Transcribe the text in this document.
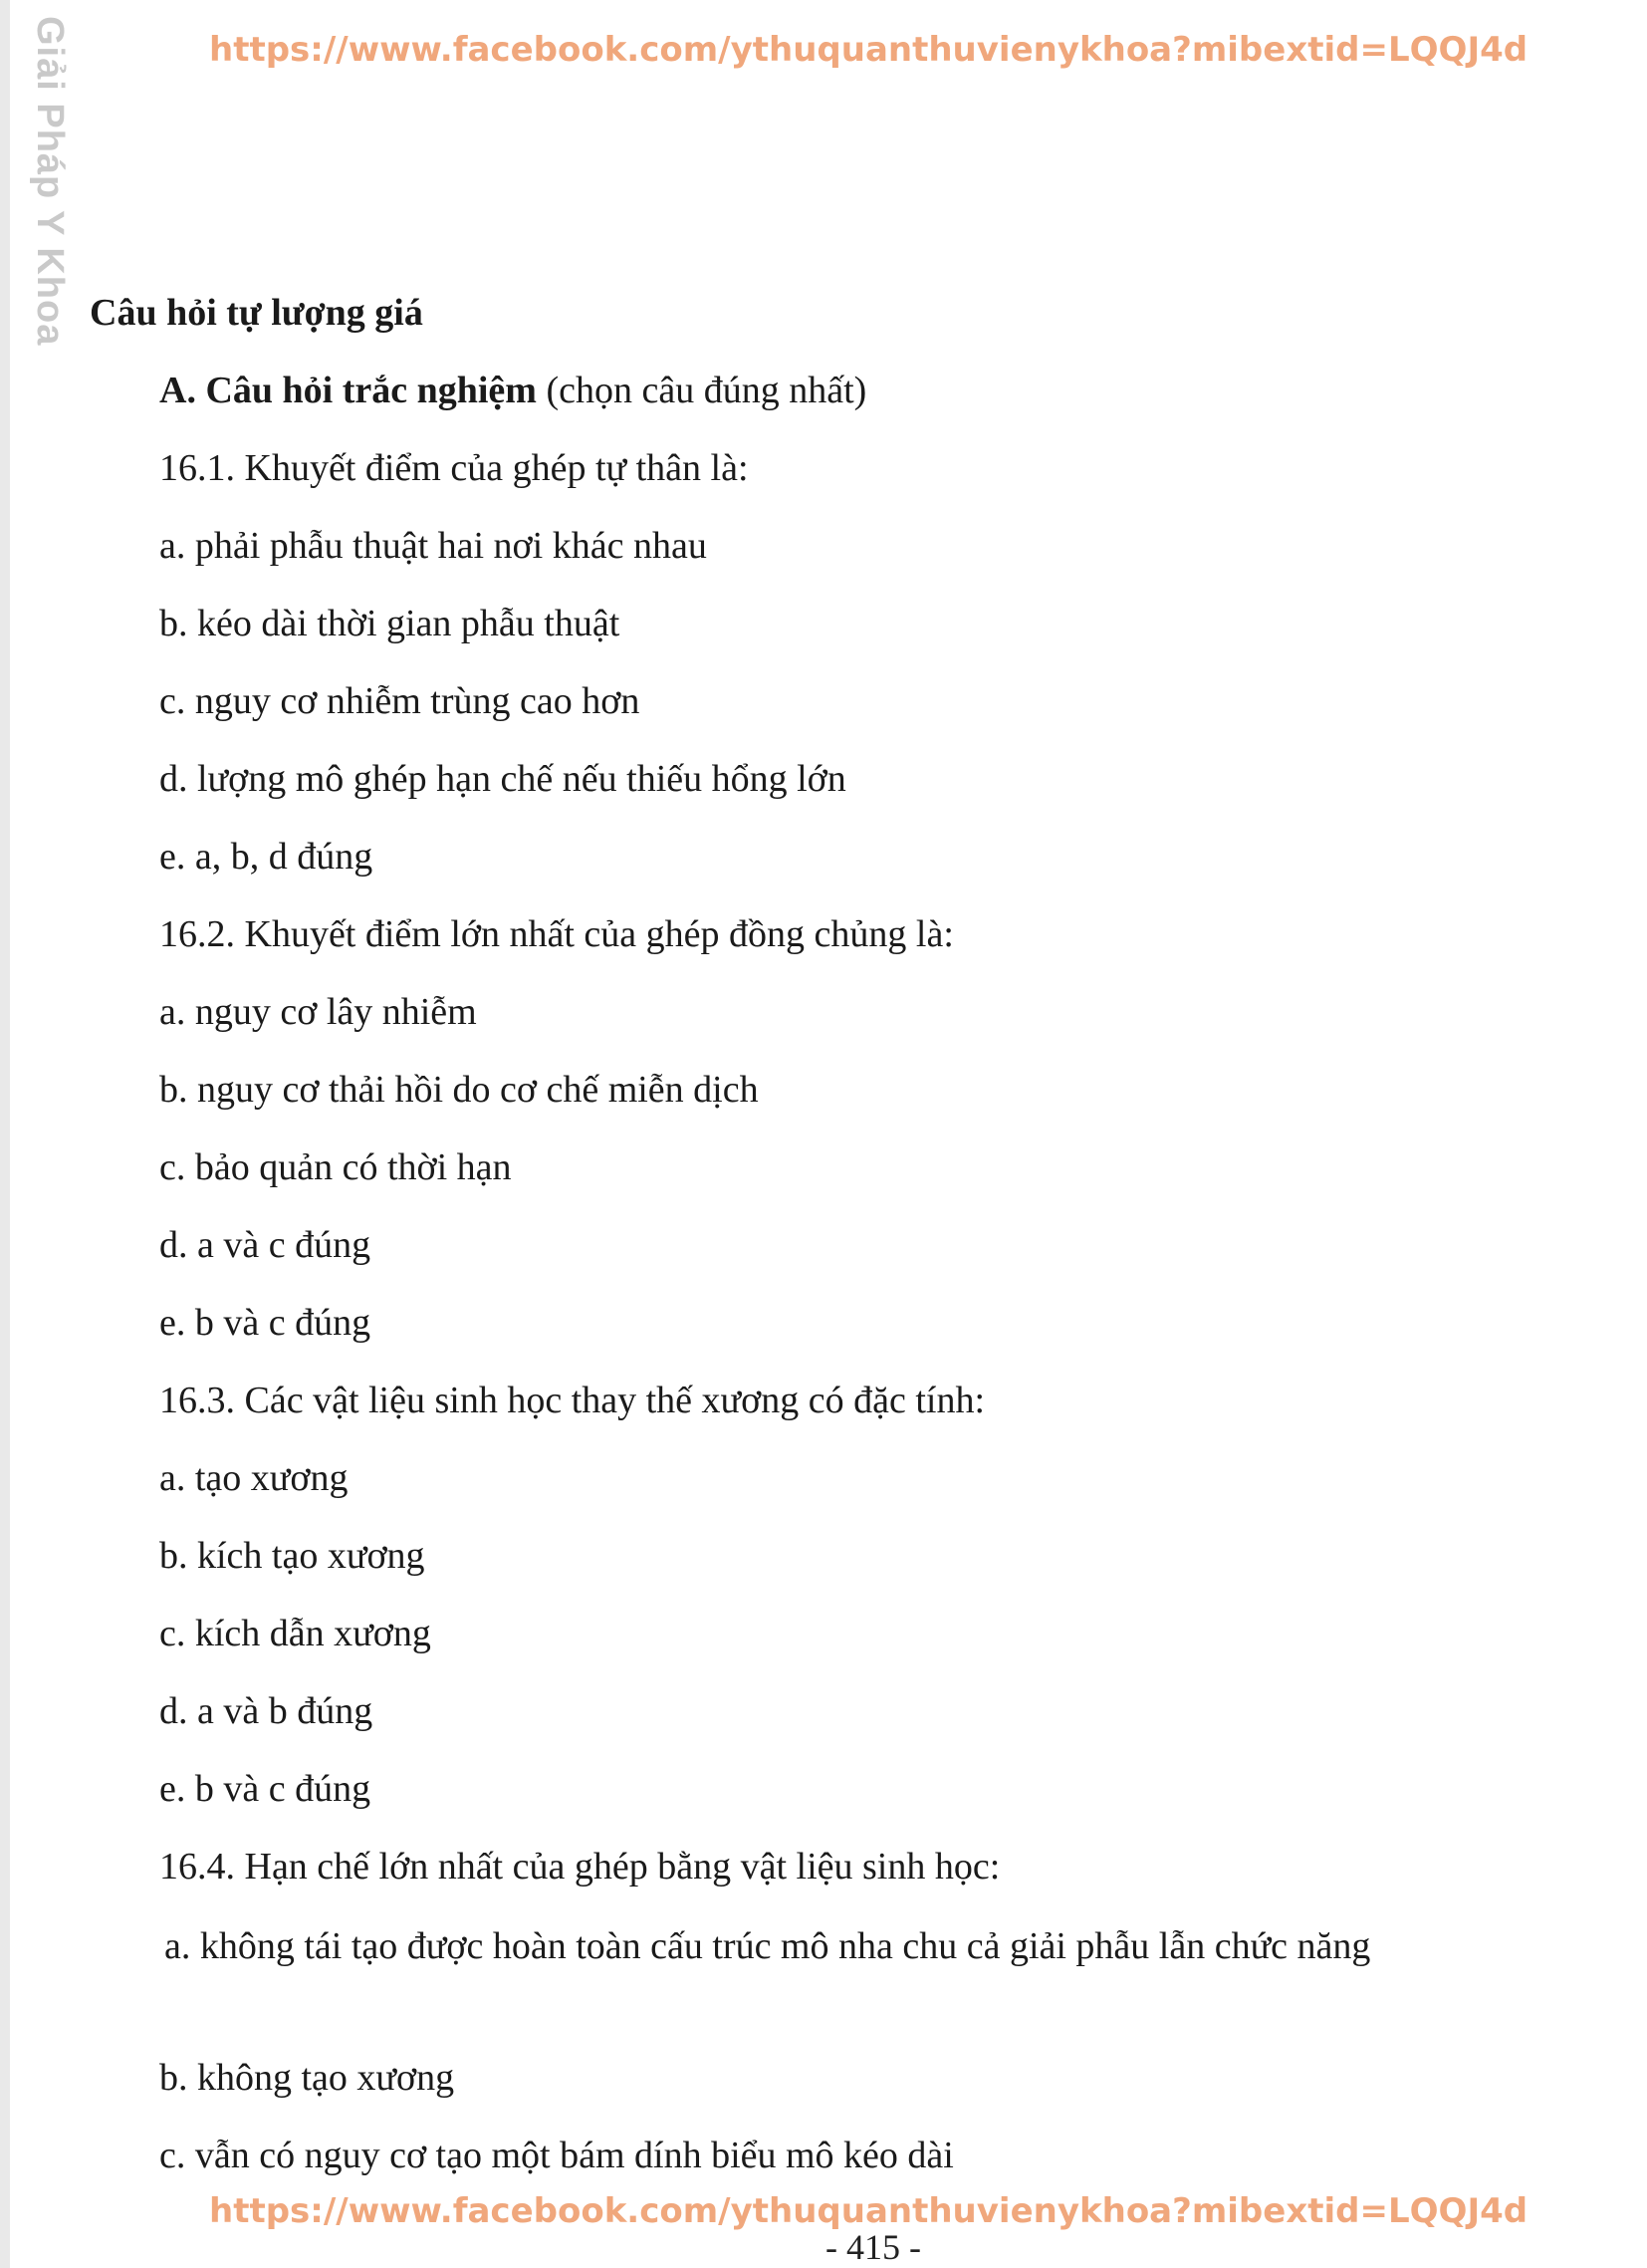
Giải Pháp Y Khoa	https://www.facebook.com/ythuquanthuvienykhoa?mibextid=LQQJ4d
Câu hỏi tự lượng giá
A. Câu hỏi trắc nghiệm (chọn câu đúng nhất)
16.1. Khuyết điểm của ghép tự thân là:
a. phải phẫu thuật hai nơi khác nhau
b. kéo dài thời gian phẫu thuật
c. nguy cơ nhiễm trùng cao hơn
d. lượng mô ghép hạn chế nếu thiếu hổng lớn
e. a, b, d đúng
16.2. Khuyết điểm lớn nhất của ghép đồng chủng là:
a. nguy cơ lây nhiễm
b. nguy cơ thải hồi do cơ chế miễn dịch
c. bảo quản có thời hạn
d. a và c đúng
e. b và c đúng
16.3. Các vật liệu sinh học thay thế xương có đặc tính:
a. tạo xương
b. kích tạo xương
c. kích dẫn xương
d. a và b đúng
e. b và c đúng
16.4. Hạn chế lớn nhất của ghép bằng vật liệu sinh học:
a. không tái tạo được hoàn toàn cấu trúc mô nha chu cả giải phẫu lẫn chức năng
b. không tạo xương
c. vẫn có nguy cơ tạo một bám dính biểu mô kéo dài
https://www.facebook.com/ythuquanthuvienykhoa?mibextid=LQQJ4d
- 415 -
